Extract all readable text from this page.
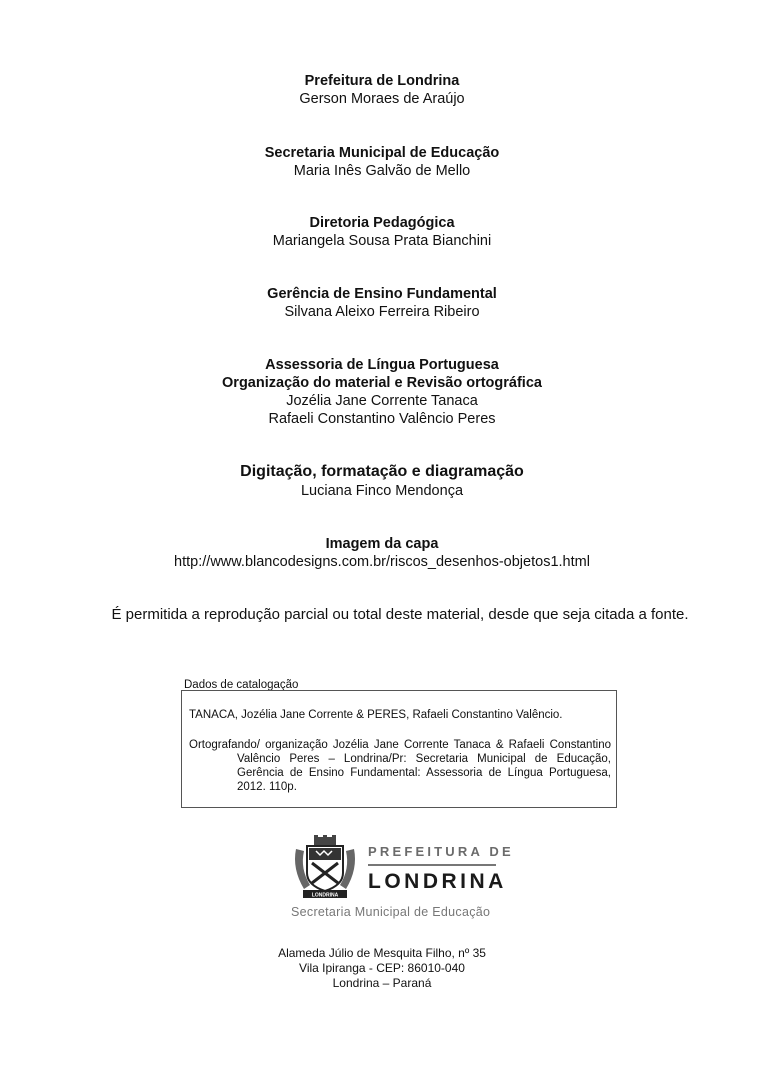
Prefeitura de Londrina
Gerson Moraes de Araújo
Secretaria Municipal de Educação
Maria Inês Galvão de Mello
Diretoria Pedagógica
Mariangela Sousa Prata Bianchini
Gerência de Ensino Fundamental
Silvana Aleixo Ferreira Ribeiro
Assessoria de Língua Portuguesa
Organização do material e Revisão ortográfica
Jozélia Jane Corrente Tanaca
Rafaeli Constantino Valêncio Peres
Digitação, formatação e diagramação
Luciana Finco Mendonça
Imagem da capa
http://www.blancodesigns.com.br/riscos_desenhos-objetos1.html
É permitida a reprodução parcial ou total deste material, desde que seja citada a fonte.
Dados de catalogação
TANACA, Jozélia Jane Corrente & PERES, Rafaeli Constantino Valêncio.
Ortografando/ organização Jozélia Jane Corrente Tanaca & Rafaeli Constantino Valêncio Peres – Londrina/Pr: Secretaria Municipal de Educação, Gerência de Ensino Fundamental: Assessoria de Língua Portuguesa, 2012. 110p.
LONDRINA
PREFEITURA DE
LONDRINA
Secretaria Municipal de Educação
Alameda Júlio de Mesquita Filho, nº 35
Vila Ipiranga - CEP: 86010-040
Londrina – Paraná
